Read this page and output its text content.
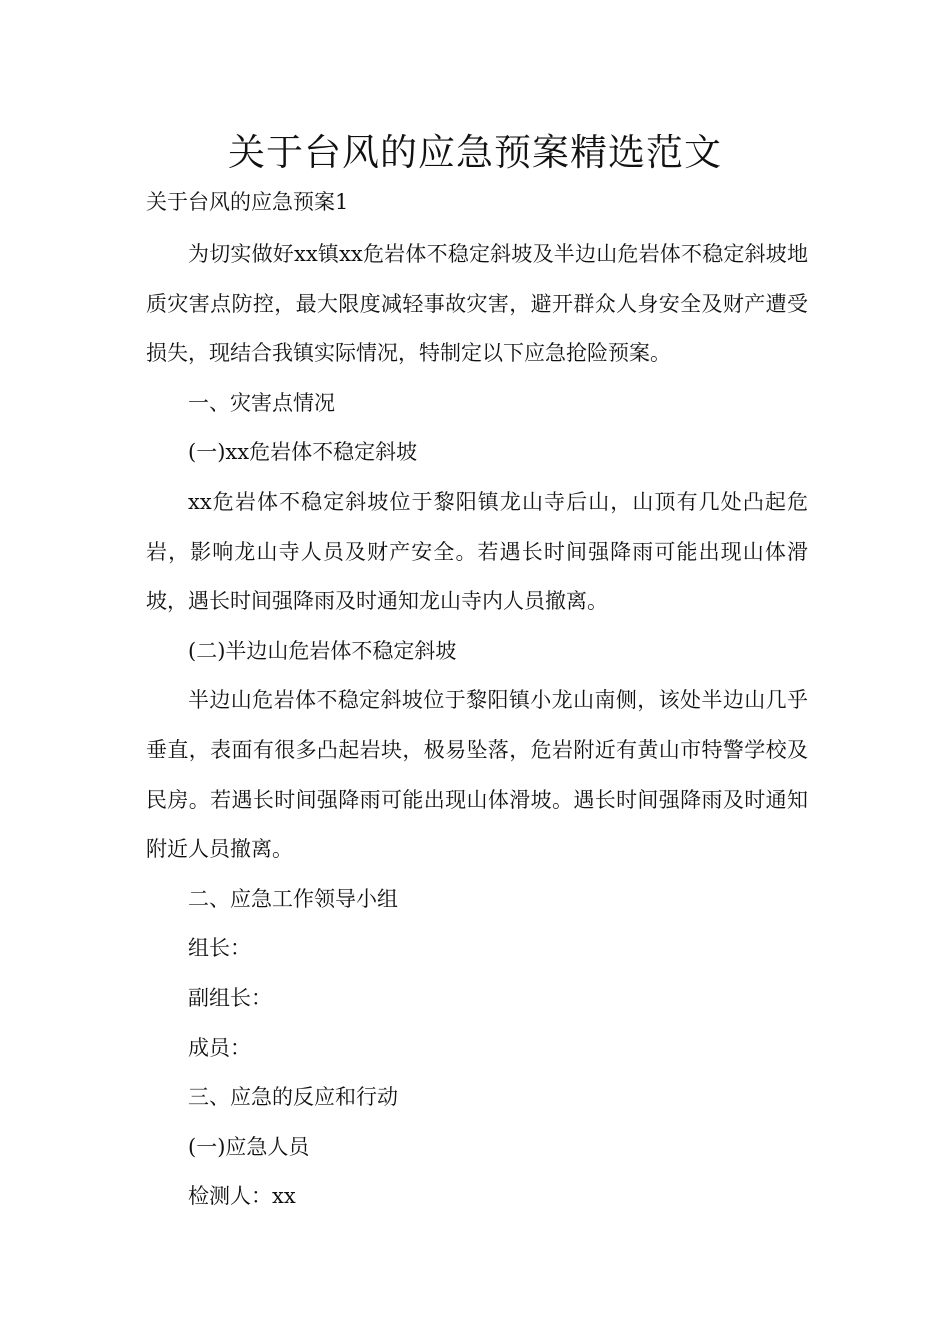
关于台风的应急预案精选范文
关于台风的应急预案1

为切实做好xx镇xx危岩体不稳定斜坡及半边山危岩体不稳定斜坡地质灾害点防控，最大限度减轻事故灾害，避开群众人身安全及财产遭受损失，现结合我镇实际情况，特制定以下应急抢险预案。

一、灾害点情况

(一)xx危岩体不稳定斜坡

xx危岩体不稳定斜坡位于黎阳镇龙山寺后山，山顶有几处凸起危岩，影响龙山寺人员及财产安全。若遇长时间强降雨可能出现山体滑坡，遇长时间强降雨及时通知龙山寺内人员撤离。

(二)半边山危岩体不稳定斜坡

半边山危岩体不稳定斜坡位于黎阳镇小龙山南侧，该处半边山几乎垂直，表面有很多凸起岩块，极易坠落，危岩附近有黄山市特警学校及民房。若遇长时间强降雨可能出现山体滑坡。遇长时间强降雨及时通知附近人员撤离。

二、应急工作领导小组

组长：

副组长：

成员：

三、应急的反应和行动

(一)应急人员

检测人：xx
